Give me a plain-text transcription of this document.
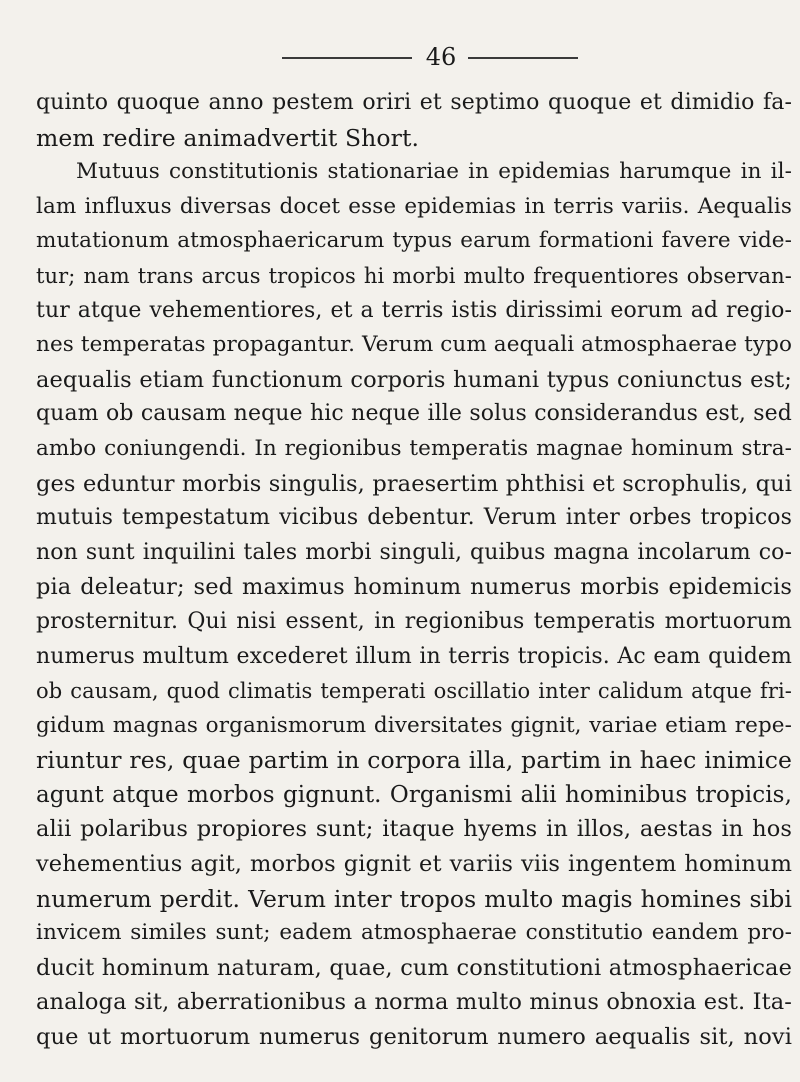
46
quinto quoque anno pestem oriri et septimo quoque et dimidio fa-
mem redire animadvertit Short.
Mutuus constitutionis stationariae in epidemias harumque in il-
lam influxus diversas docet esse epidemias in terris variis. Aequalis
mutationum atmosphaericarum typus earum formationi favere vide-
tur; nam trans arcus tropicos hi morbi multo frequentiores observan-
tur atque vehementiores, et a terris istis dirissimi eorum ad regio-
nes temperatas propagantur. Verum cum aequali atmosphaerae typo
aequalis etiam functionum corporis humani typus coniunctus est;
quam ob causam neque hic neque ille solus considerandus est, sed
ambo coniungendi. In regionibus temperatis magnae hominum stra-
ges eduntur morbis singulis, praesertim phthisi et scrophulis, qui
mutuis tempestatum vicibus debentur. Verum inter orbes tropicos
non sunt inquilini tales morbi singuli, quibus magna incolarum co-
pia deleatur; sed maximus hominum numerus morbis epidemicis
prosternitur. Qui nisi essent, in regionibus temperatis mortuorum
numerus multum excederet illum in terris tropicis. Ac eam quidem
ob causam, quod climatis temperati oscillatio inter calidum atque fri-
gidum magnas organismorum diversitates gignit, variae etiam repe-
riuntur res, quae partim in corpora illa, partim in haec inimice
agunt atque morbos gignunt. Organismi alii hominibus tropicis,
alii polaribus propiores sunt; itaque hyems in illos, aestas in hos
vehementius agit, morbos gignit et variis viis ingentem hominum
numerum perdit. Verum inter tropos multo magis homines sibi
invicem similes sunt; eadem atmosphaerae constitutio eandem pro-
ducit hominum naturam, quae, cum constitutioni atmosphaericae
analoga sit, aberrationibus a norma multo minus obnoxia est. Ita-
que ut mortuorum numerus genitorum numero aequalis sit, novi
